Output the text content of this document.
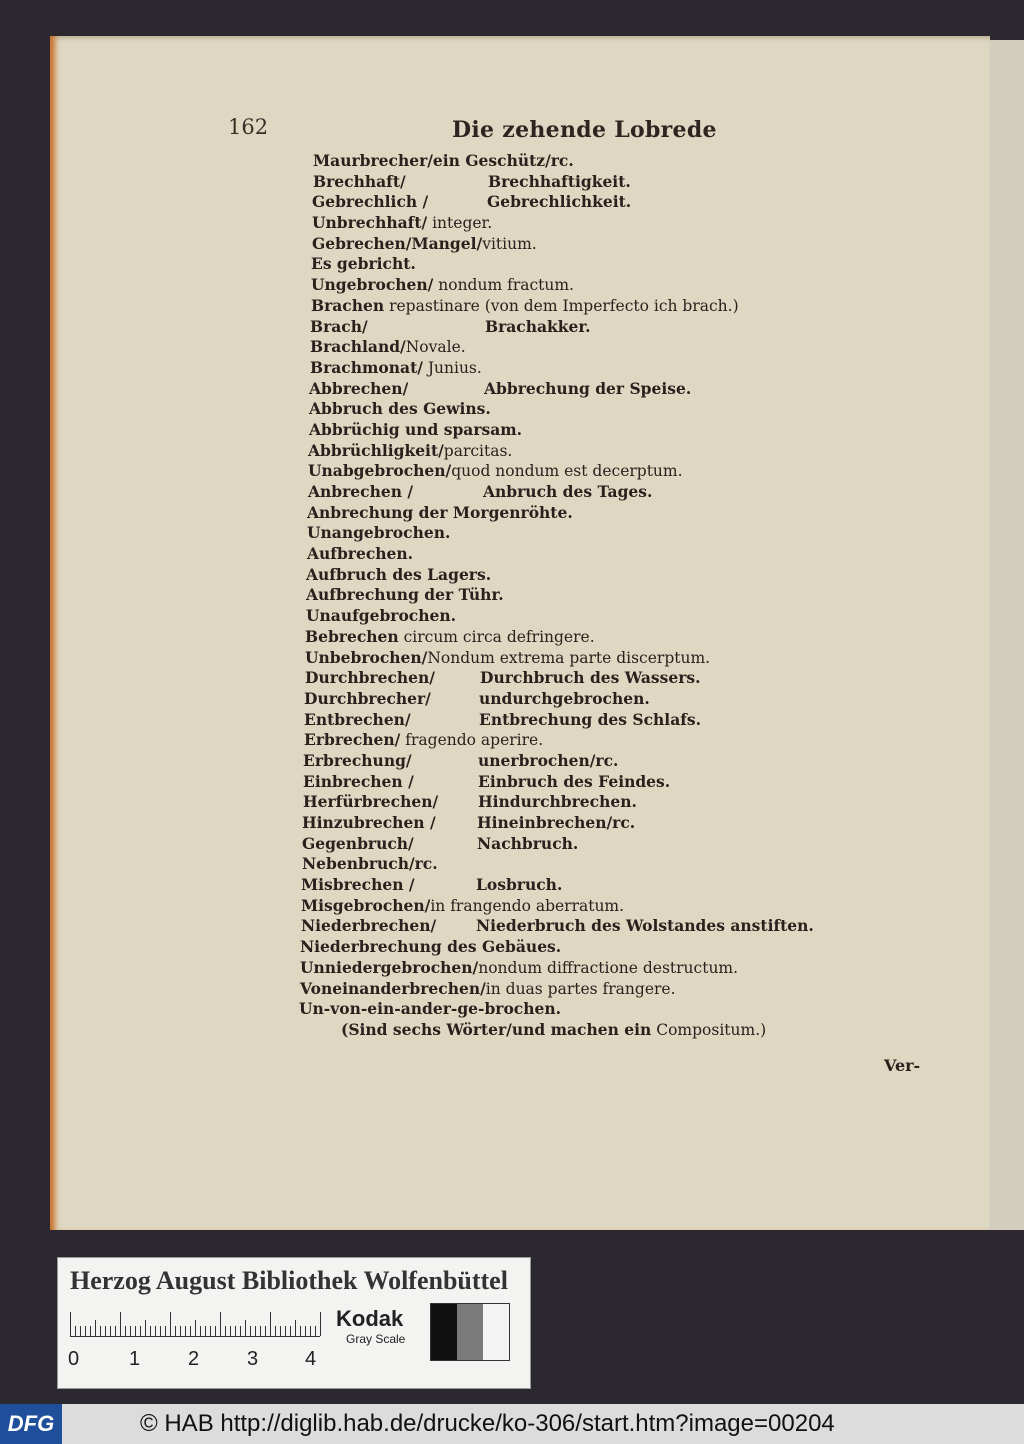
162	Die zehende Lobrede
Maurbrecher/ein Geschütz/rc.
Brechhaft/	Brechhaftigkeit.
Gebrechlich /	Gebrechlichkeit.
Unbrechhaft/ integer.
Gebrechen/Mangel/vitium.
Es gebricht.
Ungebrochen/ nondum fractum.
Brachen repastinare (von dem Imperfecto ich brach.)
Brach/	Brachakker.
Brachland/Novale.
Brachmonat/ Junius.
Abbrechen/	Abbrechung der Speise.
Abbruch des Gewins.
Abbrüchig und sparsam.
Abbrüchligkeit/parcitas.
Unabgebrochen/quod nondum est decerptum.
Anbrechen /	Anbruch des Tages.
Anbrechung der Morgenröhte.
Unangebrochen.
Aufbrechen.
Aufbruch des Lagers.
Aufbrechung der Tühr.
Unaufgebrochen.
Bebrechen circum circa defringere.
Unbebrochen/Nondum extrema parte discerptum.
Durchbrechen/	Durchbruch des Wassers.
Durchbrecher/	undurchgebrochen.
Entbrechen/	Entbrechung des Schlafs.
Erbrechen/ fragendo aperire.
Erbrechung/	unerbrochen/rc.
Einbrechen /	Einbruch des Feindes.
Herfürbrechen/	Hindurchbrechen.
Hinzubrechen /	Hineinbrechen/rc.
Gegenbruch/	Nachbruch.
Nebenbruch/rc.
Misbrechen /	Losbruch.
Misgebrochen/in frangendo aberratum.
Niederbrechen/	Niederbruch des Wolstandes anstiften.
Niederbrechung des Gebäues.
Unniedergebrochen/nondum diffractione destructum.
Voneinanderbrechen/in duas partes frangere.
Un-von-ein-ander-ge-brochen.
(Sind sechs Wörter/und machen ein Compositum.)
Ver-
Herzog August Bibliothek Wolfenbüttel
0 1 2 3 4
Kodak
Gray Scale
DFG	© HAB http://diglib.hab.de/drucke/ko-306/start.htm?image=00204
